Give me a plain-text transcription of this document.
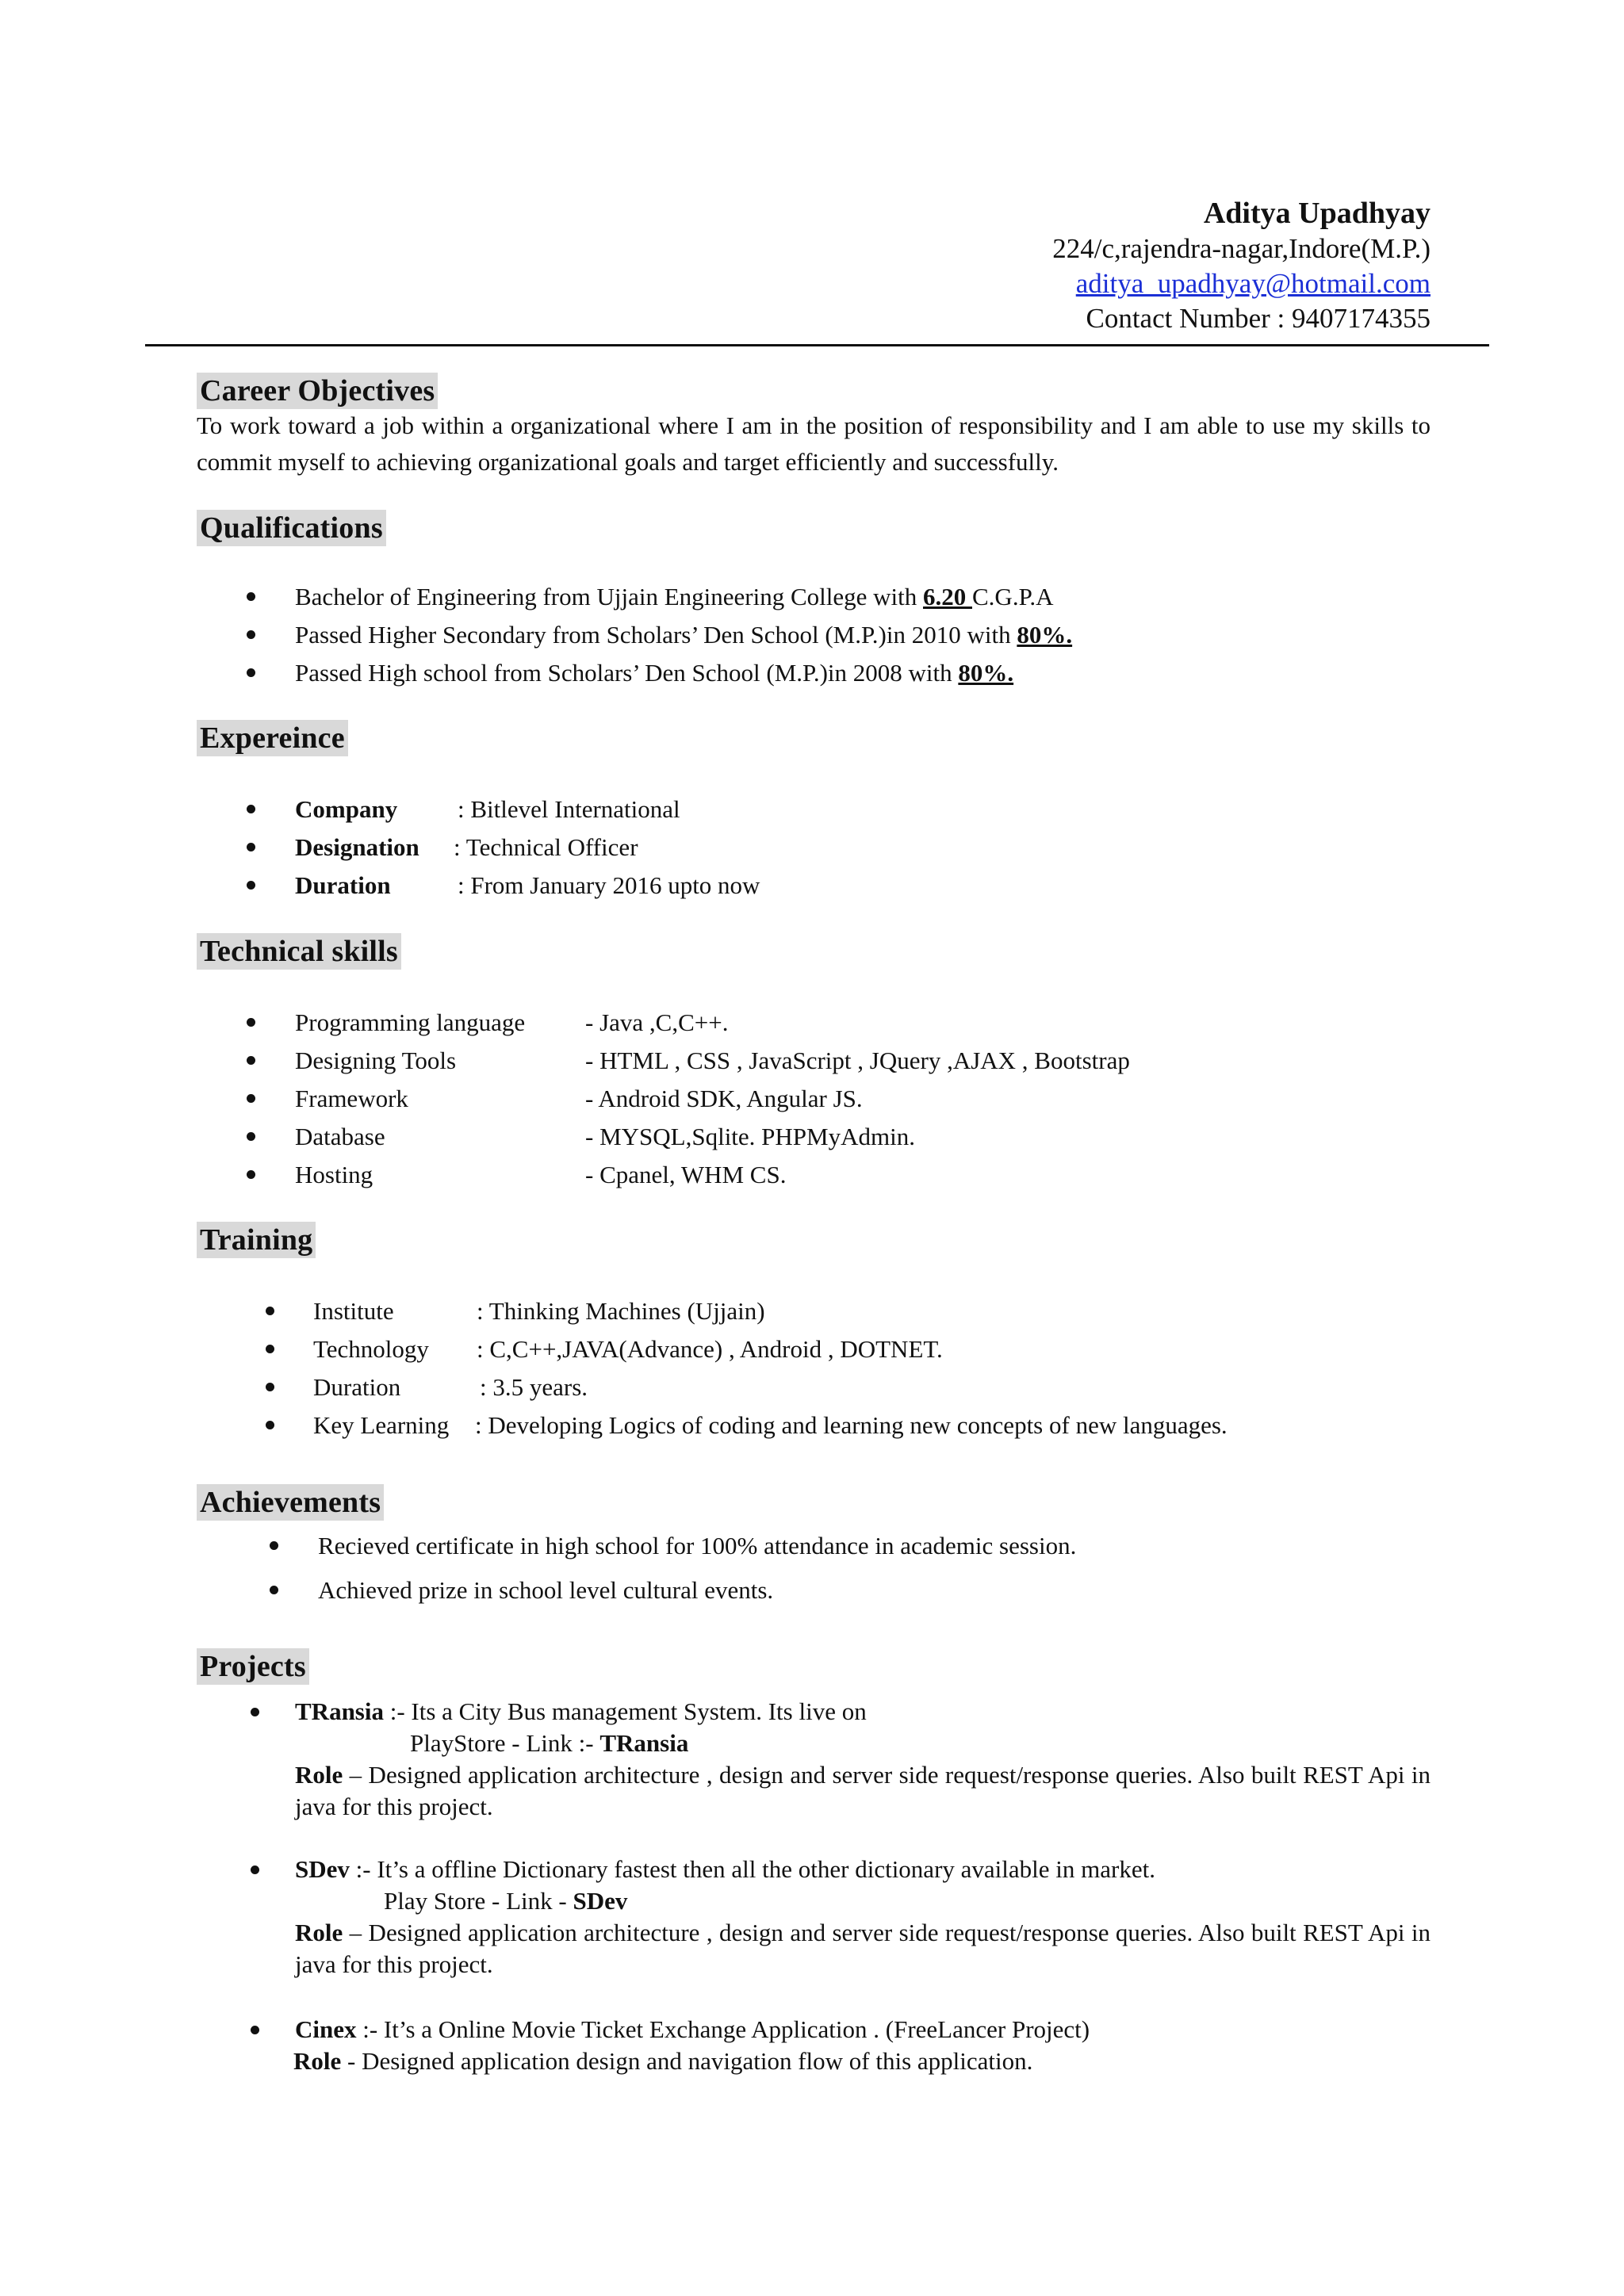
Aditya Upadhyay
224/c,rajendra-nagar,Indore(M.P.)
aditya_upadhyay@hotmail.com
Contact Number : 9407174355
Career Objectives
To work toward a job within a organizational where I am in the position of responsibility and I am able to use my skills to commit myself to achieving organizational goals and target efficiently and successfully.
Qualifications
Bachelor of Engineering from Ujjain Engineering College with 6.20 C.G.P.A
Passed Higher Secondary from Scholars’ Den School (M.P.)in 2010 with 80%.
Passed High school from Scholars’ Den School (M.P.)in 2008 with 80%.
Expereince
Company : Bitlevel International
Designation : Technical Officer
Duration	: From January 2016 upto now
Technical skills
Programming language - Java ,C,C++.
Designing Tools	- HTML , CSS , JavaScript , JQuery ,AJAX , Bootstrap
Framework	- Android SDK, Angular JS.
Database	- MYSQL,Sqlite. PHPMyAdmin.
Hosting	- Cpanel, WHM CS.
Training
Institute	: Thinking Machines (Ujjain)
Technology : C,C++,JAVA(Advance) , Android , DOTNET.
Duration	: 3.5 years.
Key Learning : Developing Logics of coding and learning new concepts of new languages.
Achievements
Recieved certificate in high school for 100% attendance in academic session.
Achieved prize in school level cultural events.
Projects
TRansia :- Its a City Bus management System. Its live on
PlayStore - Link :- TRansia
Role – Designed application architecture , design and server side request/response queries. Also built REST Api in java for this project.
SDev :- It’s a offline Dictionary fastest then all the other dictionary available in market.
Play Store - Link - SDev
Role – Designed application architecture , design and server side request/response queries. Also built REST Api in java for this project.
Cinex :- It’s a Online Movie Ticket Exchange Application . (FreeLancer Project)
Role - Designed application design and navigation flow of this application.
